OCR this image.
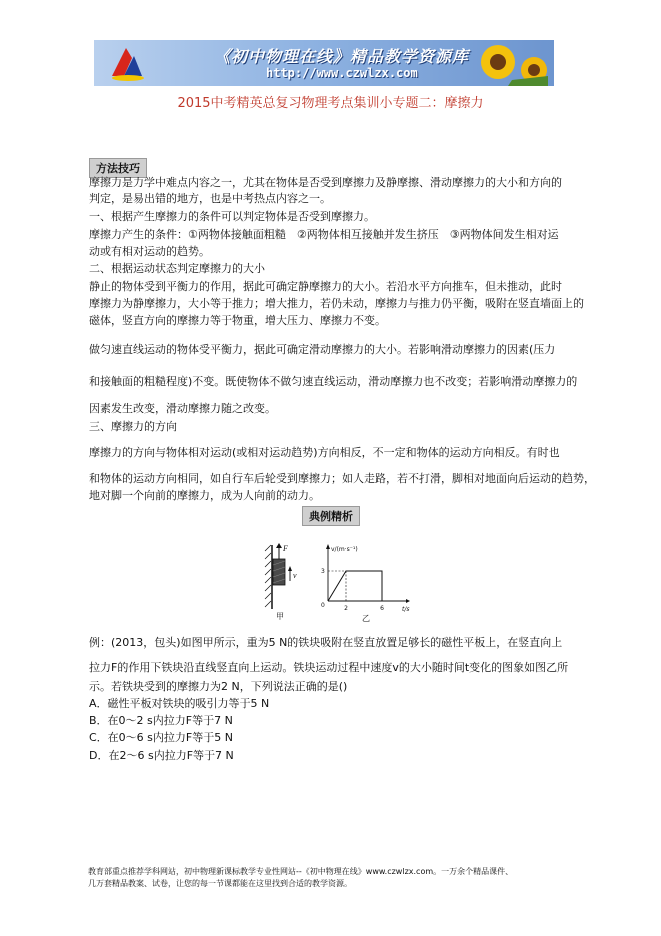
《初中物理在线》精品教学资源库
http://www.czwlzx.com
2015中考精英总复习物理考点集训小专题二：摩擦力
方法技巧
摩擦力是力学中难点内容之一，尤其在物体是否受到摩擦力及静摩擦、滑动摩擦力的大小和方向的
判定，是易出错的地方，也是中考热点内容之一。
一、根据产生摩擦力的条件可以判定物体是否受到摩擦力。
摩擦力产生的条件：①两物体接触面粗糙　②两物体相互接触并发生挤压　③两物体间发生相对运
动或有相对运动的趋势。
二、根据运动状态判定摩擦力的大小
静止的物体受到平衡力的作用，据此可确定静摩擦力的大小。若沿水平方向推车，但未推动，此时
摩擦力为静摩擦力，大小等于推力；增大推力，若仍未动，摩擦力与推力仍平衡，吸附在竖直墙面上的
磁体，竖直方向的摩擦力等于物重，增大压力、摩擦力不变。
做匀速直线运动的物体受平衡力，据此可确定滑动摩擦力的大小。若影响滑动摩擦力的因素(压力
和接触面的粗糙程度)不变。既使物体不做匀速直线运动，滑动摩擦力也不改变；若影响滑动摩擦力的
因素发生改变，滑动摩擦力随之改变。
三、摩擦力的方向
摩擦力的方向与物体相对运动(或相对运动趋势)方向相反，不一定和物体的运动方向相反。有时也
和物体的运动方向相同，如自行车后轮受到摩擦力；如人走路，若不打滑，脚相对地面向后运动的趋势，
地对脚一个向前的摩擦力，成为人向前的动力。
典例精析
F
v
甲
v/(m·s⁻¹)
t/s
0
3
2	6
乙
例：(2013，包头)如图甲所示，重为5 N的铁块吸附在竖直放置足够长的磁性平板上，在竖直向上
拉力F的作用下铁块沿直线竖直向上运动。铁块运动过程中速度v的大小随时间t变化的图象如图乙所
示。若铁块受到的摩擦力为2 N，下列说法正确的是()
A．磁性平板对铁块的吸引力等于5 N
B．在0～2 s内拉力F等于7 N
C．在0～6 s内拉力F等于5 N
D．在2～6 s内拉力F等于7 N
教育部重点推荐学科网站，初中物理新课标教学专业性网站--《初中物理在线》www.czwlzx.com。一万余个精品课件、
几万套精品教案、试卷，让您的每一节课都能在这里找到合适的教学资源。
